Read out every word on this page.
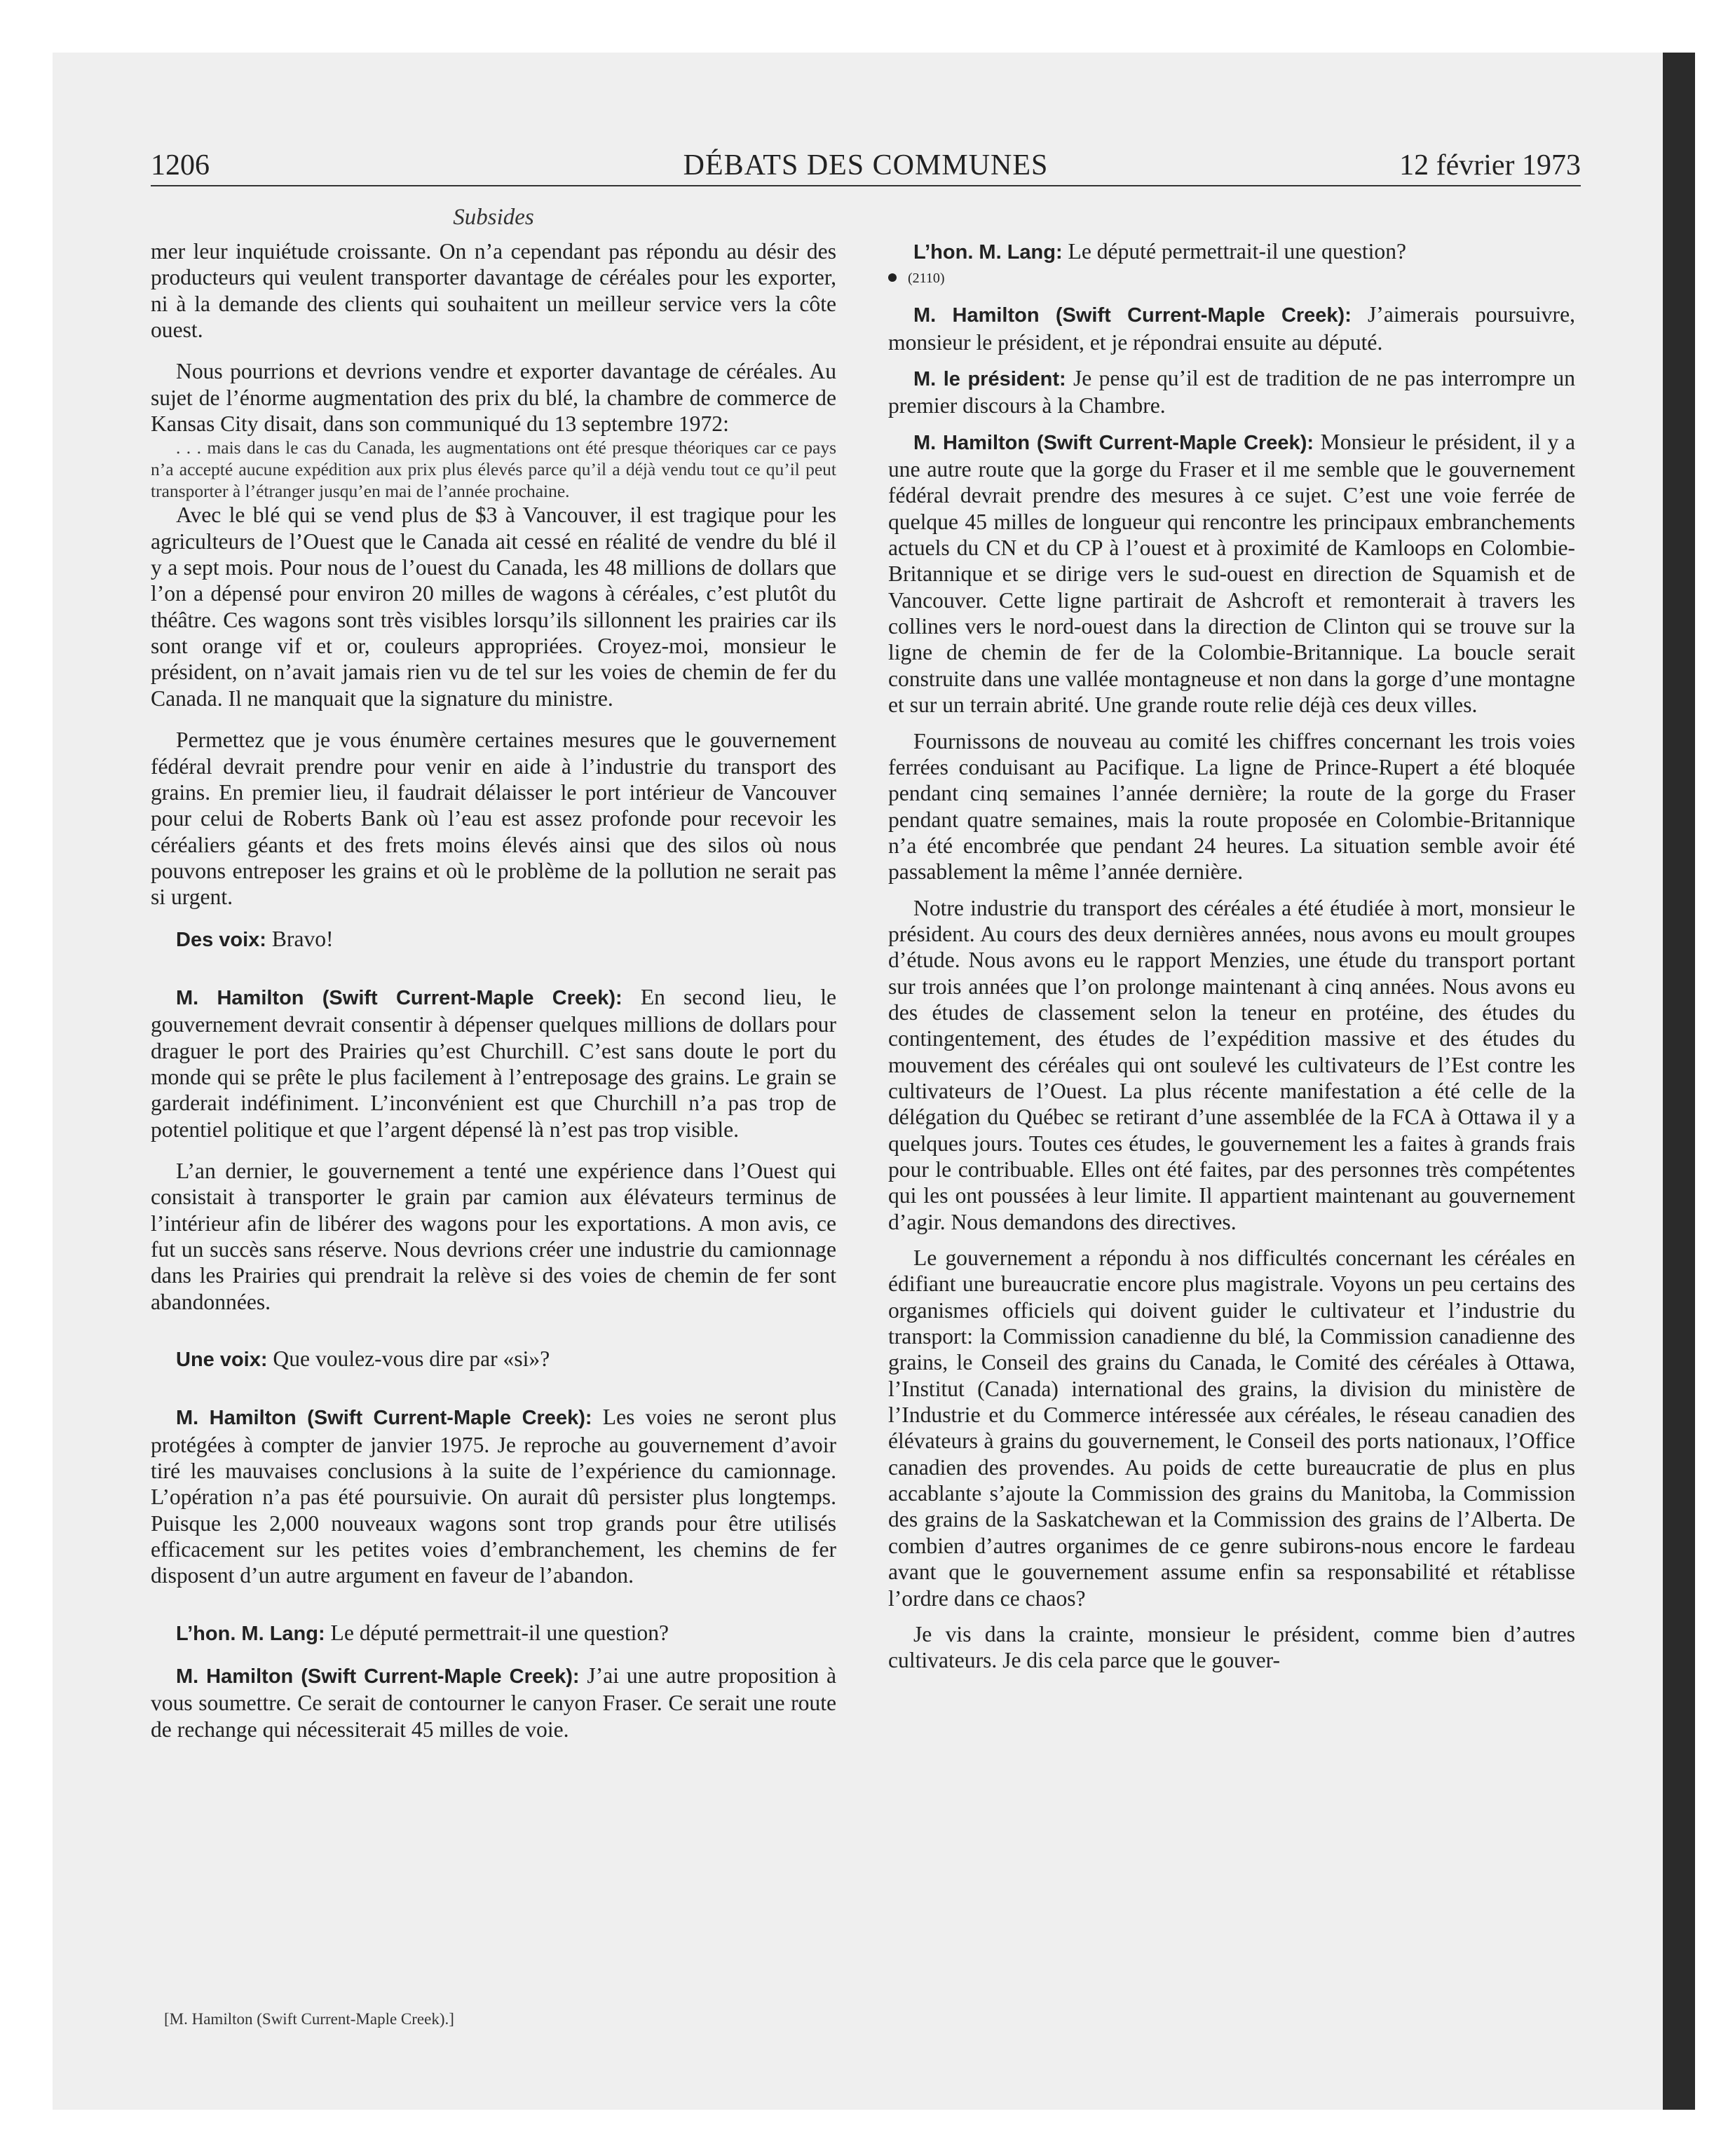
1206	DÉBATS DES COMMUNES	12 février 1973
Subsides

mer leur inquiétude croissante. On n’a cependant pas répondu au désir des producteurs qui veulent transporter davantage de céréales pour les exporter, ni à la demande des clients qui souhaitent un meilleur service vers la côte ouest.

Nous pourrions et devrions vendre et exporter davantage de céréales. Au sujet de l’énorme augmentation des prix du blé, la chambre de commerce de Kansas City disait, dans son communiqué du 13 septembre 1972:

. . . mais dans le cas du Canada, les augmentations ont été presque théoriques car ce pays n’a accepté aucune expédition aux prix plus élevés parce qu’il a déjà vendu tout ce qu’il peut transporter à l’étranger jusqu’en mai de l’année prochaine.

Avec le blé qui se vend plus de $3 à Vancouver, il est tragique pour les agriculteurs de l’Ouest que le Canada ait cessé en réalité de vendre du blé il y a sept mois. Pour nous de l’ouest du Canada, les 48 millions de dollars que l’on a dépensé pour environ 20 milles de wagons à céréales, c’est plutôt du théâtre. Ces wagons sont très visibles lorsqu’ils sillonnent les prairies car ils sont orange vif et or, couleurs appropriées. Croyez-moi, monsieur le président, on n’avait jamais rien vu de tel sur les voies de chemin de fer du Canada. Il ne manquait que la signature du ministre.

Permettez que je vous énumère certaines mesures que le gouvernement fédéral devrait prendre pour venir en aide à l’industrie du transport des grains. En premier lieu, il faudrait délaisser le port intérieur de Vancouver pour celui de Roberts Bank où l’eau est assez profonde pour recevoir les céréaliers géants et des frets moins élevés ainsi que des silos où nous pouvons entreposer les grains et où le problème de la pollution ne serait pas si urgent.

Des voix: Bravo!

M. Hamilton (Swift Current-Maple Creek): En second lieu, le gouvernement devrait consentir à dépenser quelques millions de dollars pour draguer le port des Prairies qu’est Churchill. C’est sans doute le port du monde qui se prête le plus facilement à l’entreposage des grains. Le grain se garderait indéfiniment. L’inconvénient est que Churchill n’a pas trop de potentiel politique et que l’argent dépensé là n’est pas trop visible.

L’an dernier, le gouvernement a tenté une expérience dans l’Ouest qui consistait à transporter le grain par camion aux élévateurs terminus de l’intérieur afin de libérer des wagons pour les exportations. A mon avis, ce fut un succès sans réserve. Nous devrions créer une industrie du camionnage dans les Prairies qui prendrait la relève si des voies de chemin de fer sont abandonnées.

Une voix: Que voulez-vous dire par «si»?

M. Hamilton (Swift Current-Maple Creek): Les voies ne seront plus protégées à compter de janvier 1975. Je reproche au gouvernement d’avoir tiré les mauvaises conclusions à la suite de l’expérience du camionnage. L’opération n’a pas été poursuivie. On aurait dû persister plus longtemps. Puisque les 2,000 nouveaux wagons sont trop grands pour être utilisés efficacement sur les petites voies d’embranchement, les chemins de fer disposent d’un autre argument en faveur de l’abandon.

L’hon. M. Lang: Le député permettrait-il une question?

M. Hamilton (Swift Current-Maple Creek): J’ai une autre proposition à vous soumettre. Ce serait de contourner le canyon Fraser. Ce serait une route de rechange qui nécessiterait 45 milles de voie.

[M. Hamilton (Swift Current-Maple Creek).]

L’hon. M. Lang: Le député permettrait-il une question?

(2110)

M. Hamilton (Swift Current-Maple Creek): J’aimerais poursuivre, monsieur le président, et je répondrai ensuite au député.

M. le président: Je pense qu’il est de tradition de ne pas interrompre un premier discours à la Chambre.

M. Hamilton (Swift Current-Maple Creek): Monsieur le président, il y a une autre route que la gorge du Fraser et il me semble que le gouvernement fédéral devrait prendre des mesures à ce sujet. C’est une voie ferrée de quelque 45 milles de longueur qui rencontre les principaux embranchements actuels du CN et du CP à l’ouest et à proximité de Kamloops en Colombie-Britannique et se dirige vers le sud-ouest en direction de Squamish et de Vancouver. Cette ligne partirait de Ashcroft et remonterait à travers les collines vers le nord-ouest dans la direction de Clinton qui se trouve sur la ligne de chemin de fer de la Colombie-Britannique. La boucle serait construite dans une vallée montagneuse et non dans la gorge d’une montagne et sur un terrain abrité. Une grande route relie déjà ces deux villes.

Fournissons de nouveau au comité les chiffres concernant les trois voies ferrées conduisant au Pacifique. La ligne de Prince-Rupert a été bloquée pendant cinq semaines l’année dernière; la route de la gorge du Fraser pendant quatre semaines, mais la route proposée en Colombie-Britannique n’a été encombrée que pendant 24 heures. La situation semble avoir été passablement la même l’année dernière.

Notre industrie du transport des céréales a été étudiée à mort, monsieur le président. Au cours des deux dernières années, nous avons eu moult groupes d’étude. Nous avons eu le rapport Menzies, une étude du transport portant sur trois années que l’on prolonge maintenant à cinq années. Nous avons eu des études de classement selon la teneur en protéine, des études du contingentement, des études de l’expédition massive et des études du mouvement des céréales qui ont soulevé les cultivateurs de l’Est contre les cultivateurs de l’Ouest. La plus récente manifestation a été celle de la délégation du Québec se retirant d’une assemblée de la FCA à Ottawa il y a quelques jours. Toutes ces études, le gouvernement les a faites à grands frais pour le contribuable. Elles ont été faites, par des personnes très compétentes qui les ont poussées à leur limite. Il appartient maintenant au gouvernement d’agir. Nous demandons des directives.

Le gouvernement a répondu à nos difficultés concernant les céréales en édifiant une bureaucratie encore plus magistrale. Voyons un peu certains des organismes officiels qui doivent guider le cultivateur et l’industrie du transport: la Commission canadienne du blé, la Commission canadienne des grains, le Conseil des grains du Canada, le Comité des céréales à Ottawa, l’Institut (Canada) international des grains, la division du ministère de l’Industrie et du Commerce intéressée aux céréales, le réseau canadien des élévateurs à grains du gouvernement, le Conseil des ports nationaux, l’Office canadien des provendes. Au poids de cette bureaucratie de plus en plus accablante s’ajoute la Commission des grains du Manitoba, la Commission des grains de la Saskatchewan et la Commission des grains de l’Alberta. De combien d’autres organimes de ce genre subirons-nous encore le fardeau avant que le gouvernement assume enfin sa responsabilité et rétablisse l’ordre dans ce chaos?

Je vis dans la crainte, monsieur le président, comme bien d’autres cultivateurs. Je dis cela parce que le gouver-
